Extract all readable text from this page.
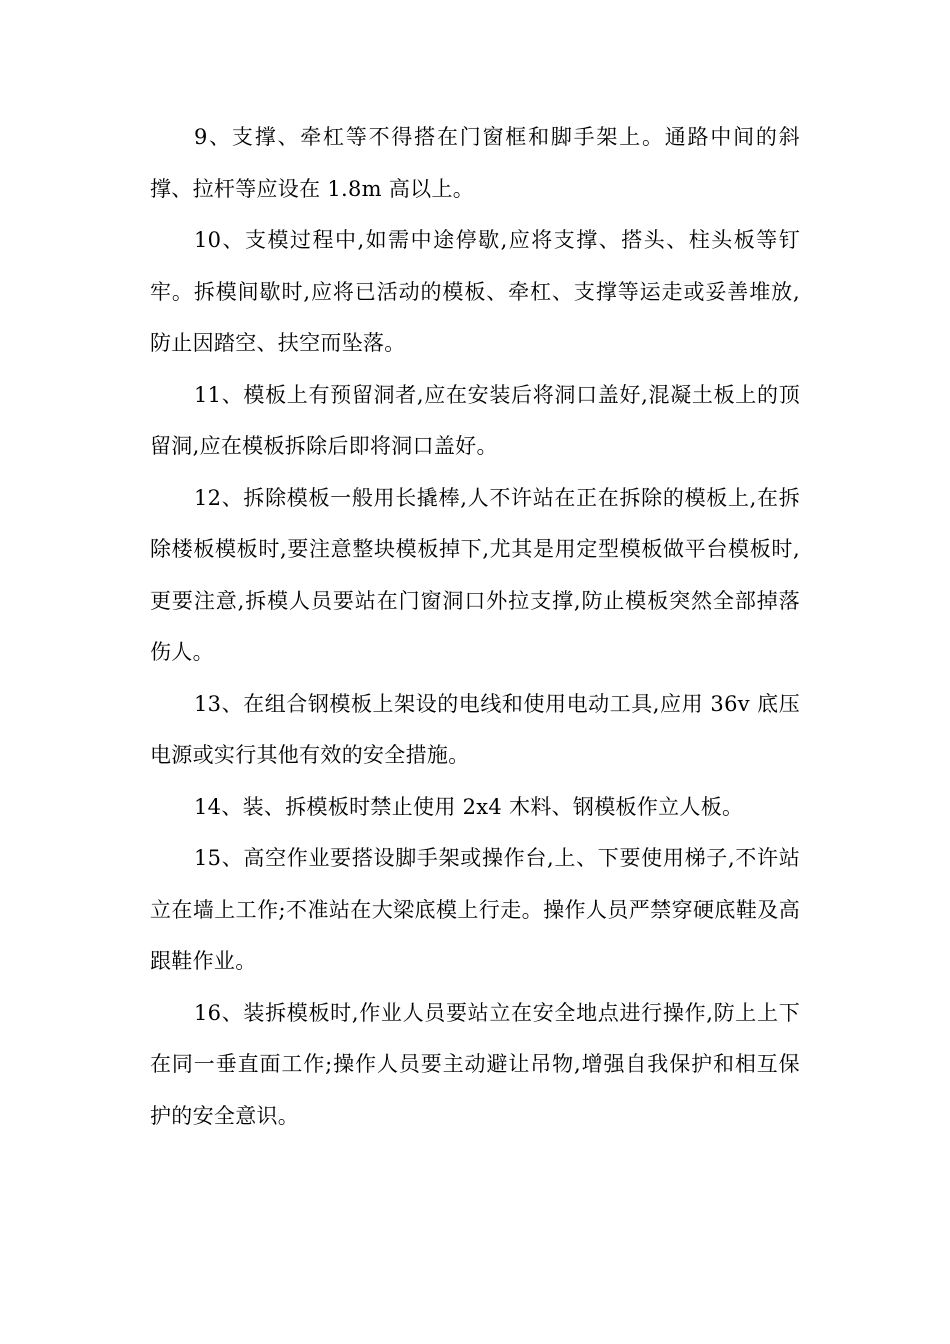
9、支撑、牵杠等不得搭在门窗框和脚手架上。通路中间的斜撑、拉杆等应设在 1.8m 高以上。

10、支模过程中,如需中途停歇,应将支撑、搭头、柱头板等钉牢。拆模间歇时,应将已活动的模板、牵杠、支撑等运走或妥善堆放,防止因踏空、扶空而坠落。

11、模板上有预留洞者,应在安装后将洞口盖好,混凝土板上的顶留洞,应在模板拆除后即将洞口盖好。

12、拆除模板一般用长撬棒,人不许站在正在拆除的模板上,在拆除楼板模板时,要注意整块模板掉下,尤其是用定型模板做平台模板时,更要注意,拆模人员要站在门窗洞口外拉支撑,防止模板突然全部掉落伤人。

13、在组合钢模板上架设的电线和使用电动工具,应用 36v 底压电源或实行其他有效的安全措施。

14、装、拆模板时禁止使用 2x4 木料、钢模板作立人板。

15、高空作业要搭设脚手架或操作台,上、下要使用梯子,不许站立在墙上工作;不准站在大梁底模上行走。操作人员严禁穿硬底鞋及高跟鞋作业。

16、装拆模板时,作业人员要站立在安全地点进行操作,防上上下在同一垂直面工作;操作人员要主动避让吊物,增强自我保护和相互保护的安全意识。
